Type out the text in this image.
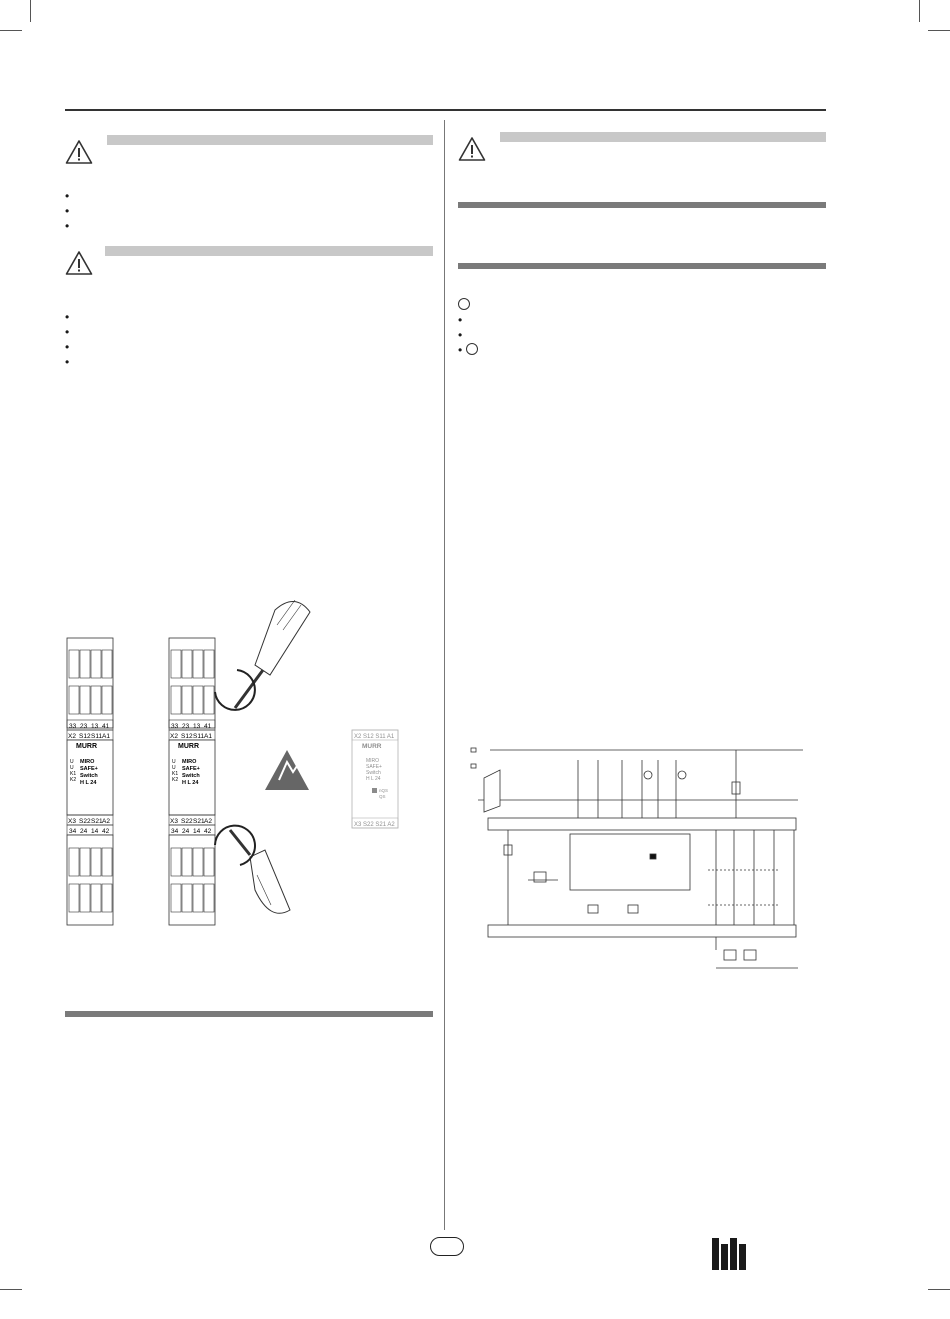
•
•
•

•
•
•
•
33 23 13 41
X2 S12 S11 A1
MURR
MIRO
SAFE+
Switch
H L 24
U
U
K1
K2
X3 S22 S21 A2
34 24 14 42
33 23 13 41
X2 S12 S11 A1
MURR
MIRO
SAFE+
Switch
H L 24
U
U
K1
K2
X3 S22 S21 A2
34 24 14 42
X2 S12 S11 A1
MURR
MIRO
SAFE+
Switch
H L 24
nQS
QS
X3 S22 S21 A2

•
•
•
